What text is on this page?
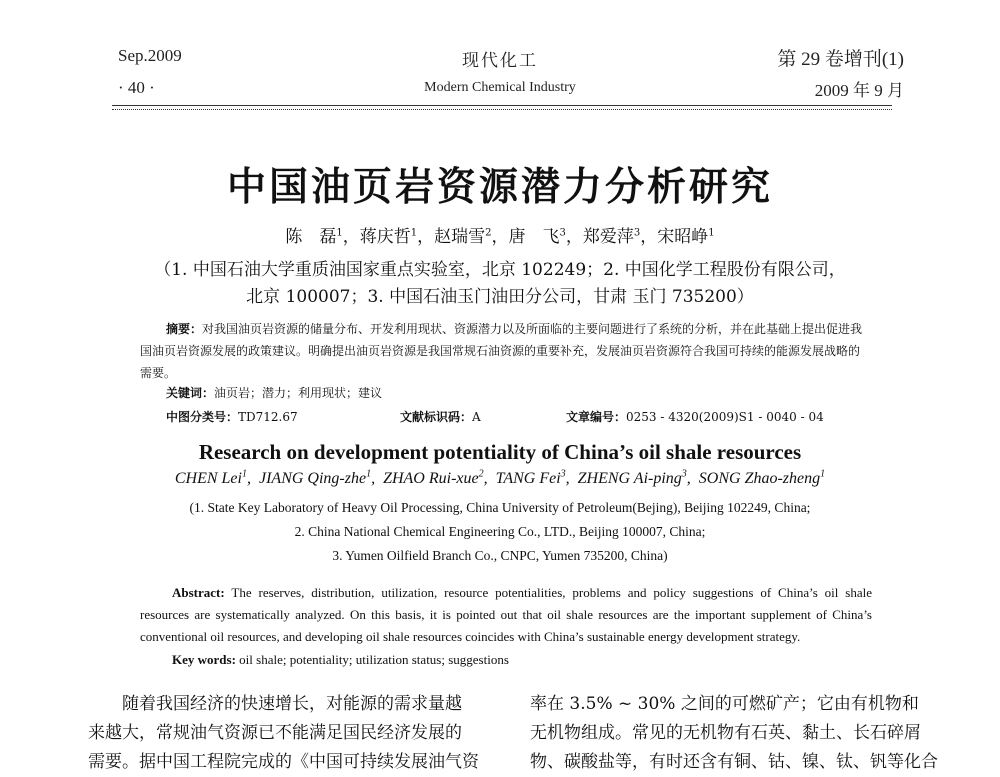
Sep.2009
· 40 ·
现代化工
Modern Chemical Industry
第 29 卷增刊(1)
2009 年 9 月
中国油页岩资源潜力分析研究
陈　磊$^1$，蒋庆哲$^1$，赵瑞雪$^2$，唐　飞$^3$，郑爱萍$^3$，宋昭峥$^1$
（1. 中国石油大学重质油国家重点实验室，北京 102249；2. 中国化学工程股份有限公司，
北京 100007；3. 中国石油玉门油田分公司，甘肃 玉门 735200）
摘要：对我国油页岩资源的储量分布、开发利用现状、资源潜力以及所面临的主要问题进行了系统的分析，并在此基础上提出促进我国油页岩资源发展的政策建议。明确提出油页岩资源是我国常规石油资源的重要补充，发展油页岩资源符合我国可持续的能源发展战略的需要。
关键词：油页岩；潜力；利用现状；建议
中图分类号：TD712.67	文献标识码：A	文章编号：0253 - 4320(2009)S1 - 0040 - 04
Research on development potentiality of China’s oil shale resources
CHEN Lei$^1$,  JIANG Qing-zhe$^1$,  ZHAO Rui-xue$^2$,  TANG Fei$^3$,  ZHENG Ai-ping$^3$,  SONG Zhao-zheng$^1$
(1. State Key Laboratory of Heavy Oil Processing, China University of Petroleum(Bejing), Beijing 102249, China;
2. China National Chemical Engineering Co., LTD., Beijing 100007, China;
3. Yumen Oilfield Branch Co., CNPC, Yumen 735200, China)
Abstract: The reserves, distribution, utilization, resource potentialities, problems and policy suggestions of China’s oil shale resources are systematically analyzed. On this basis, it is pointed out that oil shale resources are the important supplement of China’s conventional oil resources, and developing oil shale resources coincides with China’s sustainable energy development strategy.
Key words: oil shale; potentiality; utilization status; suggestions

随着我国经济的快速增长，对能源的需求量越

来越大，常规油气资源已不能满足国民经济发展的

需要。据中国工程院完成的《中国可持续发展油气资

率在 3.5% ~ 30% 之间的可燃矿产；它由有机物和

无机物组成。常见的无机物有石英、黏土、长石碎屑

物、碳酸盐等，有时还含有铜、钴、镍、钛、钒等化合
